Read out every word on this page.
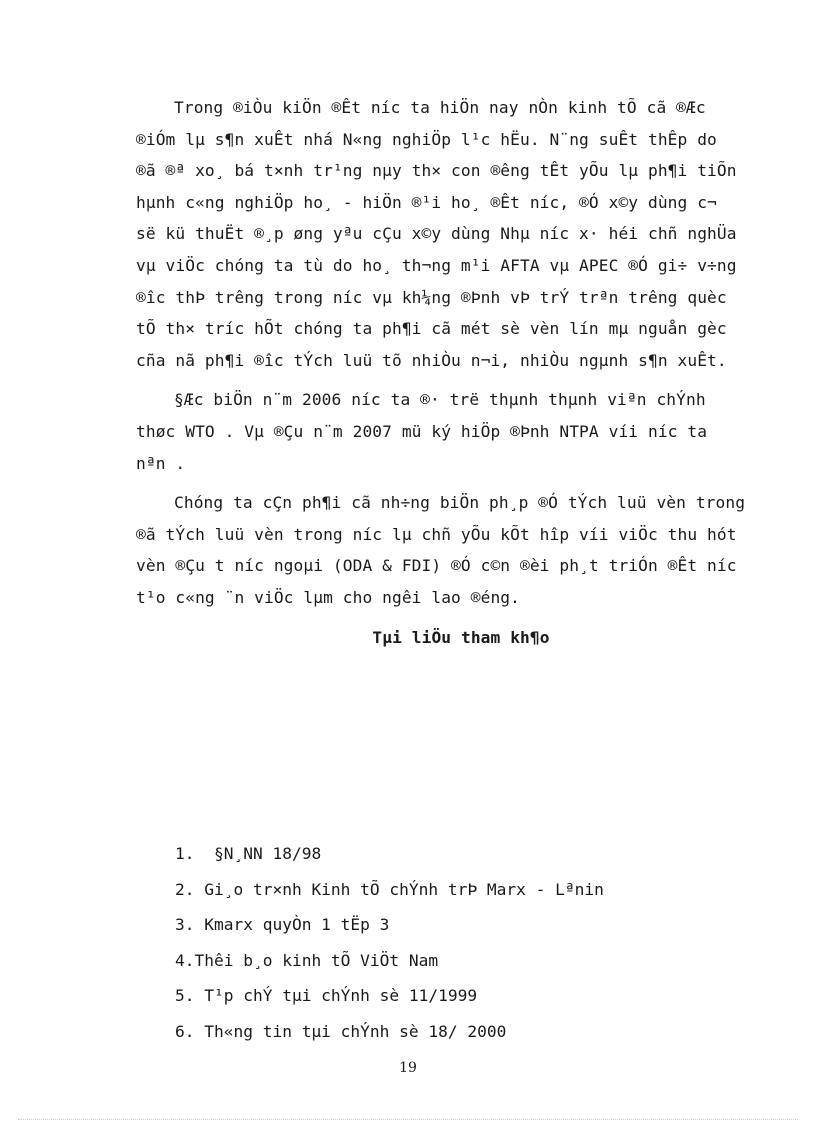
Trong ®iÒu kiÖn ®Êt níc ta hiÖn nay nÒn kinh tÕ cã ®Æc ®iÓm lµ s¶n xuÊt nhá N«ng nghiÖp l¹c hËu. N¨ng suÊt thÊp do ®ã ®ª xo¸ bá t×nh tr¹ng nµy th× con ®êng tÊt yÕu lµ ph¶i tiÕn hµnh c«ng nghiÖp ho¸ - hiÖn ®¹i ho¸ ®Êt níc, ®Ó x©y dùng c¬ së kü thuËt ®¸p øng yªu cÇu x©y dùng Nhµ níc x· héi chñ nghÜa vµ viÖc chóng ta tù do ho¸ th¬ng m¹i AFTA vµ APEC ®Ó gi÷ v÷ng ®îc thÞ trêng trong níc vµ kh¼ng ®Þnh vÞ trÝ trªn trêng quèc tÕ th× tríc hÕt chóng ta ph¶i cã mét sè vèn lín mµ nguån gèc cña nã ph¶i ®îc tÝch luü tõ nhiÒu n¬i, nhiÒu ngµnh s¶n xuÊt.

§Æc biÖn n¨m 2006 níc ta ®· trë thµnh thµnh viªn chÝnh thøc WTO . Vµ ®Çu n¨m 2007 mü ký hiÖp ®Þnh NTPA víi níc ta nªn .

Chóng ta cÇn ph¶i cã nh÷ng biÖn ph¸p ®Ó tÝch luü vèn trong ®ã tÝch luü vèn trong níc lµ chñ yÕu kÕt hîp víi viÖc thu hót vèn ®Çu t níc ngoµi (ODA & FDI) ®Ó c©n ®èi ph¸t triÓn ®Êt níc t¹o c«ng ¨n viÖc lµm cho ngêi lao ®éng.

Tµi liÖu tham kh¶o
1.  §N¸NN 18/98
2. Gi¸o tr×nh Kinh tÕ chÝnh trÞ Marx - Lªnin
3. Kmarx quyÒn 1 tËp 3
4.Thêi b¸o kinh tÕ ViÖt Nam
5. T¹p chÝ tµi chÝnh sè 11/1999
6. Th«ng tin tµi chÝnh sè 18/ 2000
19
